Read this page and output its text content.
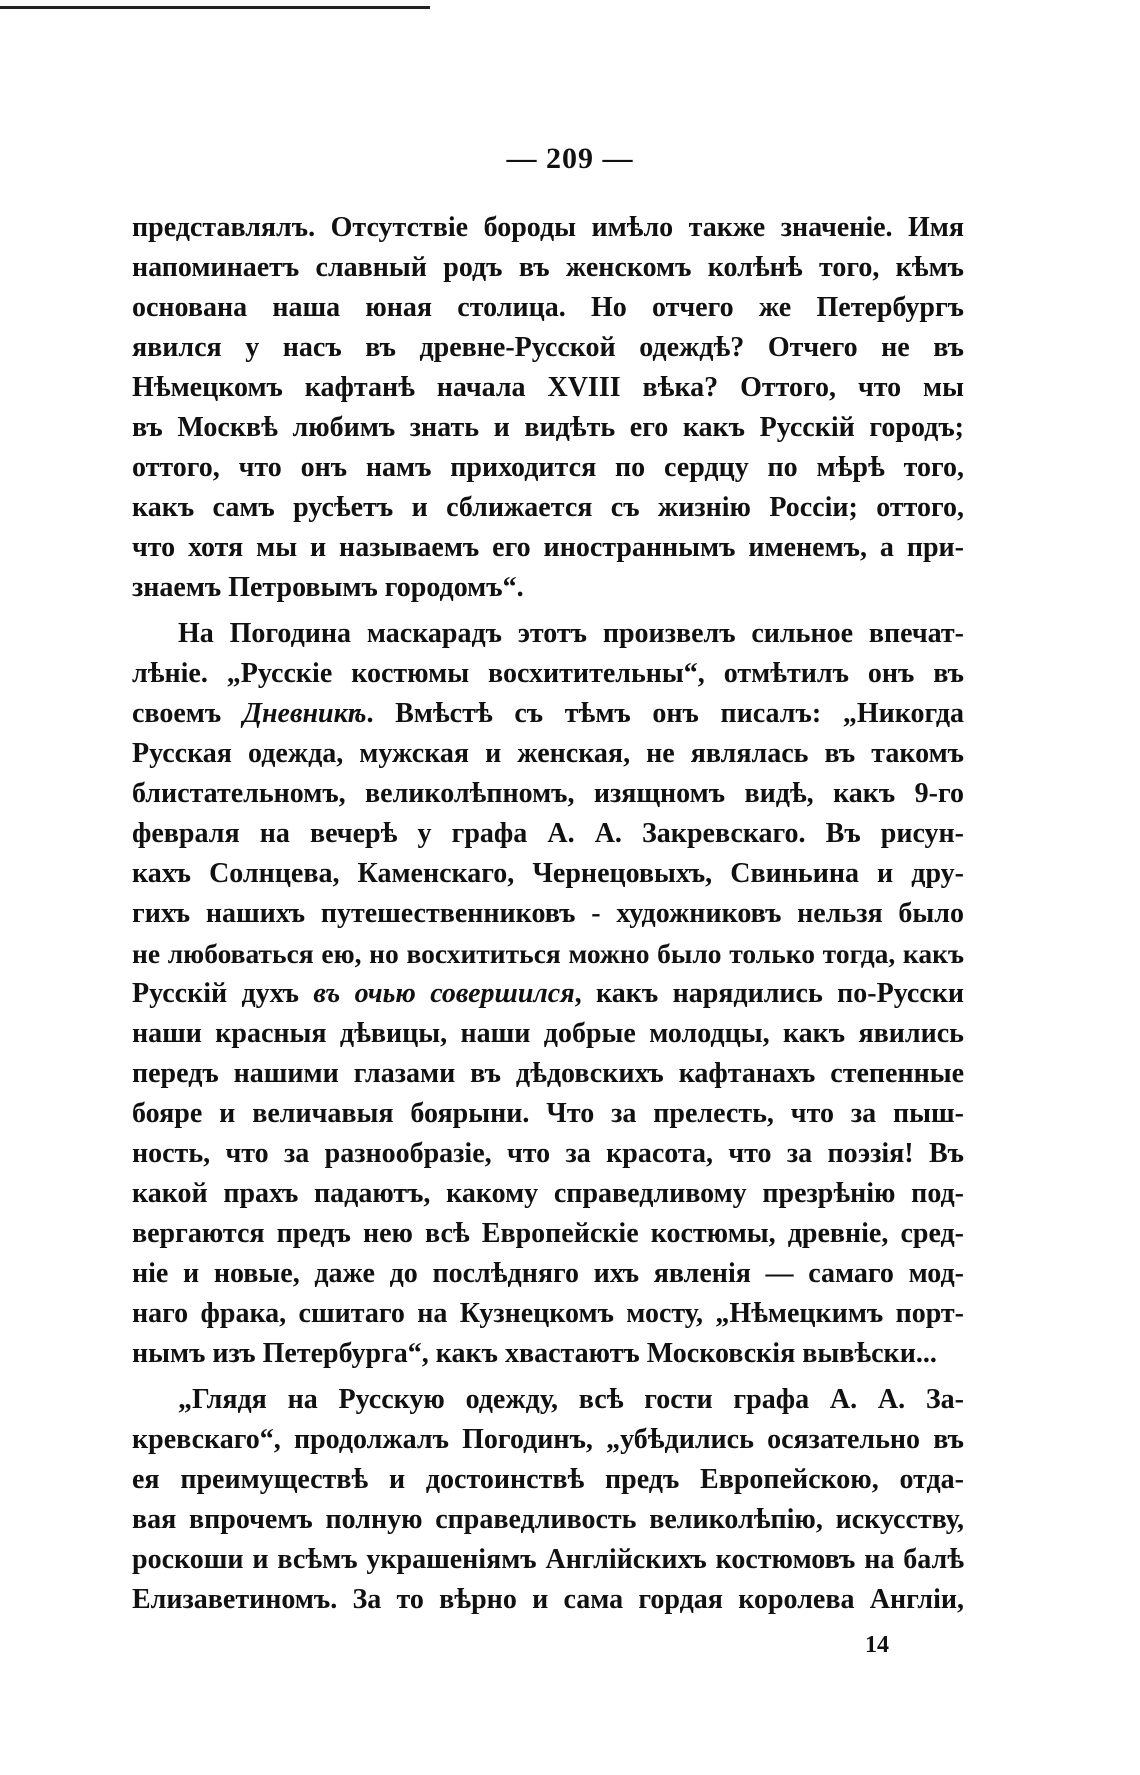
— 209 —
представлялъ. Отсутствіе бороды имѣло также значеніе. Имя
напоминаетъ славный родъ въ женскомъ колѣнѣ того, кѣмъ
основана наша юная столица. Но отчего же Петербургъ
явился у насъ въ древне-Русской одеждѣ? Отчего не въ
Нѣмецкомъ кафтанѣ начала XVIII вѣка? Оттого, что мы
въ Москвѣ любимъ знать и видѣть его какъ Русскій городъ;
оттого, что онъ намъ приходится по сердцу по мѣрѣ того,
какъ самъ русѣетъ и сближается съ жизнію Россіи; оттого,
что хотя мы и называемъ его иностраннымъ именемъ, а при-
знаемъ Петровымъ городомъ“.
На Погодина маскарадъ этотъ произвелъ сильное впечат-
лѣніе. „Русскіе костюмы восхитительны“, отмѣтилъ онъ въ
своемъ Дневникѣ. Вмѣстѣ съ тѣмъ онъ писалъ: „Никогда
Русская одежда, мужская и женская, не являлась въ такомъ
блистательномъ, великолѣпномъ, изящномъ видѣ, какъ 9-го
февраля на вечерѣ у графа А. А. Закревскаго. Въ рисун-
кахъ Солнцева, Каменскаго, Чернецовыхъ, Свиньина и дру-
гихъ нашихъ путешественниковъ - художниковъ нельзя было
не любоваться ею, но восхититься можно было только тогда, какъ
Русскій духъ въ очью совершился, какъ нарядились по-Русски
наши красныя дѣвицы, наши добрые молодцы, какъ явились
передъ нашими глазами въ дѣдовскихъ кафтанахъ степенные
бояре и величавыя боярыни. Что за прелесть, что за пыш-
ность, что за разнообразіе, что за красота, что за поэзія! Въ
какой прахъ падаютъ, какому справедливому презрѣнію под-
вергаются предъ нею всѣ Европейскіе костюмы, древніе, сред-
ніе и новые, даже до послѣдняго ихъ явленія — самаго мод-
наго фрака, сшитаго на Кузнецкомъ мосту, „Нѣмецкимъ порт-
нымъ изъ Петербурга“, какъ хвастаютъ Московскія вывѣски...
„Глядя на Русскую одежду, всѣ гости графа А. А. За-
кревскаго“, продолжалъ Погодинъ, „убѣдились осязательно въ
ея преимуществѣ и достоинствѣ предъ Европейскою, отда-
вая впрочемъ полную справедливость великолѣпію, искусству,
роскоши и всѣмъ украшеніямъ Англійскихъ костюмовъ на балѣ
Елизаветиномъ. За то вѣрно и сама гордая королева Англіи,
14
